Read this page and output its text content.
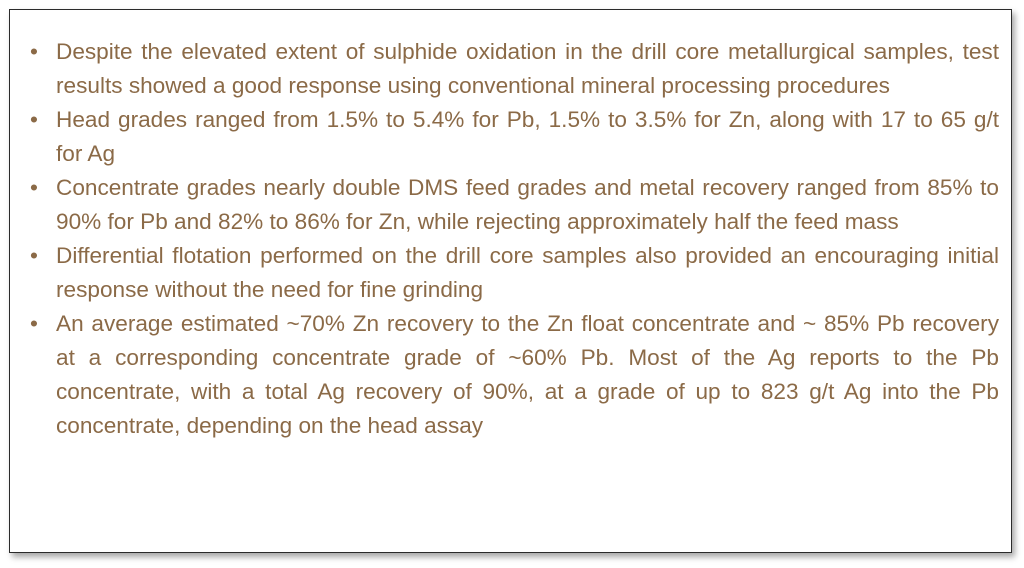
• Despite the elevated extent of sulphide oxidation in the drill core metallurgical samples, test results showed a good response using conventional mineral processing procedures
• Head grades ranged from 1.5% to 5.4% for Pb, 1.5% to 3.5% for Zn, along with 17 to 65 g/t for Ag
• Concentrate grades nearly double DMS feed grades and metal recovery ranged from 85% to 90% for Pb and 82% to 86% for Zn, while rejecting approximately half the feed mass
• Differential flotation performed on the drill core samples also provided an encouraging initial response without the need for fine grinding
• An average estimated ~70% Zn recovery to the Zn float concentrate and ~ 85% Pb recovery at a corresponding concentrate grade of ~60% Pb. Most of the Ag reports to the Pb concentrate, with a total Ag recovery of 90%, at a grade of up to 823 g/t Ag into the Pb concentrate, depending on the head assay
